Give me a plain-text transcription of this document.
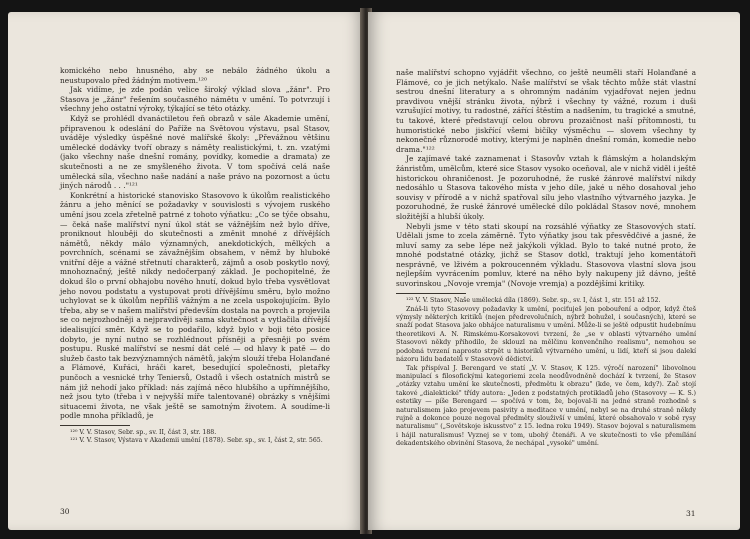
komického nebo hnusného, aby se nebálo žádného úkolu a neustupovalo před žádným motivem.¹²⁰

Jak vidíme, je zde podán velice široký výklad slova „žánr". Pro Stasova je „žánr" řešením současného námětu v umění. To potvrzují i všechny jeho ostatní výroky, týkající se této otázky.

Když se prohlédl dvanáctiletou řeň obrazů v sále Akademie umění, připravenou k odeslání do Paříže na Světovou výstavu, psal Stasov, uváděje výsledky úspěšné nové malířské školy: „Převážnou většinu umělecké dodávky tvoří obrazy s náměty realistickými, t. zn. vzatými (jako všechny naše dnešní romány, povídky, komedie a dramata) ze skutečnosti a ne ze smyšleného života. V tom spočívá celá naše umělecká síla, všechno naše nadání a naše právo na pozornost a úctu jiných národů . . ."¹²¹

Konkrétní a historické stanovisko Stasovovo k úkolům realistického žánru a jeho měnící se požadavky v souvislosti s vývojem ruského umění jsou zcela zřetelně patrné z tohoto výňatku: „Co se týče obsahu, — čeká naše malířství nyní úkol stát se vážnějším než bylo dříve, proniknout hlouběji do skutečnosti a změnit mnohé z dřívějších námětů, někdy málo významných, anekdotických, mělkých a povrchních, scénami se závažnějším obsahem, v němž by hluboké vnitřní děje a vážné střetnutí charakterů, zájmů a osob poskytlo nový, mnohoznačný, ještě nikdy nedočerpaný základ. Je pochopitelné, že dokud šlo o první obhajobu nového hnutí, dokud bylo třeba vysvětlovat jeho novou podstatu a vystupovat proti dřívějšímu směru, bylo možno uchylovat se k úkolům nepříliš vážným a ne zcela uspokojujícím. Bylo třeba, aby se v našem malířství především dostala na povrch a projevila se co nejrozhodněji a nejpravdivěji sama skutečnost a vytlačila dřívější idealisující směr. Když se to podařilo, když bylo v boji této posice dobyto, je nyní nutno se rozhlédnout přísněji a přesněji po svém postupu. Ruské malířství se nesmí dát celé — od hlavy k patě — do služeb často tak bezvýznamných námětů, jakým slouží třeba Holanďané a Flámové, Kuřáci, hráči karet, besedující společnosti, pletařky punčoch a vesnické trhy Teniersů, Ostadů i všech ostatních mistrů se nám již nehodí jako příklad: nás zajímá něco hlubšího a upřímnějšího, než jsou tyto (třeba i v nejvyšší míře talentované) obrázky s vnějšími situacemi života, ne však ještě se samotným životem. A soudíme-li podle mnoha příkladů, je

¹²⁰ V. V. Stasov, Sebr. sp., sv. II, část 3, str. 188.

¹²¹ V. V. Stasov, Výstava v Akademii umění (1878). Sebr. sp., sv. I, část 2, str. 565.

30

naše malířství schopno vyjádřit všechno, co ještě neuměli staří Holanďané a Flámové, co je jich netýkalo. Naše malířství se však těchto může stát vlastní sestrou dnešní literatury a s ohromným nadáním vyjadřovat nejen jednu pravdivou vnější stránku života, nýbrž i všechny ty vážné, rozum i duši vzrušující motivy, tu radostné, zářící štěstím a nadšením, tu tragické a smutné, tu takové, které představují celou obrovu prozaičnost naší přítomnosti, tu humoristické nebo jiskřící všemi bičíky výsměchu — slovem všechny ty nekonečné různorodé motivy, kterými je naplněn dnešní román, komedie nebo drama."¹²²

Je zajímavé také zaznamenat i Stasovův vztah k flámským a holandským žánristům, umělcům, které sice Stasov vysoko oceňoval, ale v nichž viděl i ještě historickou ohraničenost. Je pozoruhodné, že ruské žánrové malířství nikdy nedosáhlo u Stasova takového místa v jeho díle, jaké u něho dosahoval jeho souvisy v přírodě a v nichž spatřoval sílu jeho vlastního výtvarného jazyka. Je pozoruhodné, že ruské žánrové umělecké dílo pokládal Stasov nové, mnohem složitější a hlubší úkoly.

Nebyli jsme v této stati skoupí na rozsáhlé výňatky ze Stasovových statí. Udělali jsme to zcela záměrně. Tyto výňatky jsou tak přesvědčivé a jasné, že mluví samy za sebe lépe než jakýkoli výklad. Bylo to také nutné proto, že mnohé podstatné otázky, jichž se Stasov dotkl, traktují jeho komentátoři nesprávně, ve lživém a pokroucenném výkladu. Stasovova vlastní slova jsou nejlepším vyvrácením pomluv, které na něho byly nakupeny již dávno, ještě suvorinskou „Novoje vremja" (Novoje vremja) a pozdějšími kritiky.

¹²² V. V. Stasov, Naše umělecká díla (1869). Sebr. sp., sv. I, část 1, str. 151 až 152.

Znáš-li tyto Stasovovy požadavky k umění, pociťuješ jen pobouření a odpor, když čteš výmysly některých kritiků (nejen předrevolučních, nýbrž bohužel, i současných), které se snaží podat Stasova jako obhájce naturalismu v umění. Může-li se ještě odpustit hudebnímu theoretikovi A. N. Rimskému-Korsakovovi tvrzení, že „se v oblasti výtvarného umění Stasovovi někdy přihodilo, že sklouzl na mělčinu konvenčního realismu", nemohou se podobná tvrzení naprosto strpět u historiků výtvarného umění, u lidí, kteří si jsou dalekí názoru lidu badatelů v Stasovově dědictví.

Tak přispíval J. Berengard ve statí „V. V. Stasov, K 125. výročí narození" libovolnou manipulací s filosofickými kategoriemi zcela neodůvodněně dochází k tvrzení, že Stasov „otázky vztahu umění ke skutečnosti, předmětu k obrazu" (kde, ve čem, kdy?). Zač stojí takové „dialektické" třídy autora: „Jeden z podstatných protikladů jeho (Stasovovy — K. S.) estetiky — píše Berengard — spočívá v tom, že, bojoval-li na jedné straně rozhodně s naturalismem jako projevem pasivity a meditace v umění, nebyl se na druhé straně někdy rujně a dokonce pouze negoval předměty slouživší v umění, které obsahovalo v sobě rysy naturalismu" („Sovětskoje iskusstvo" z 15. ledna roku 1949). Stasov bojoval s naturalismem i hájil naturalismus! Vyznej se v tom, ubohý čtenáři. A ve skutečnosti to vše přemílání dekadentského obvinění Stasova, že nechápal „vysoké" umění.

31
